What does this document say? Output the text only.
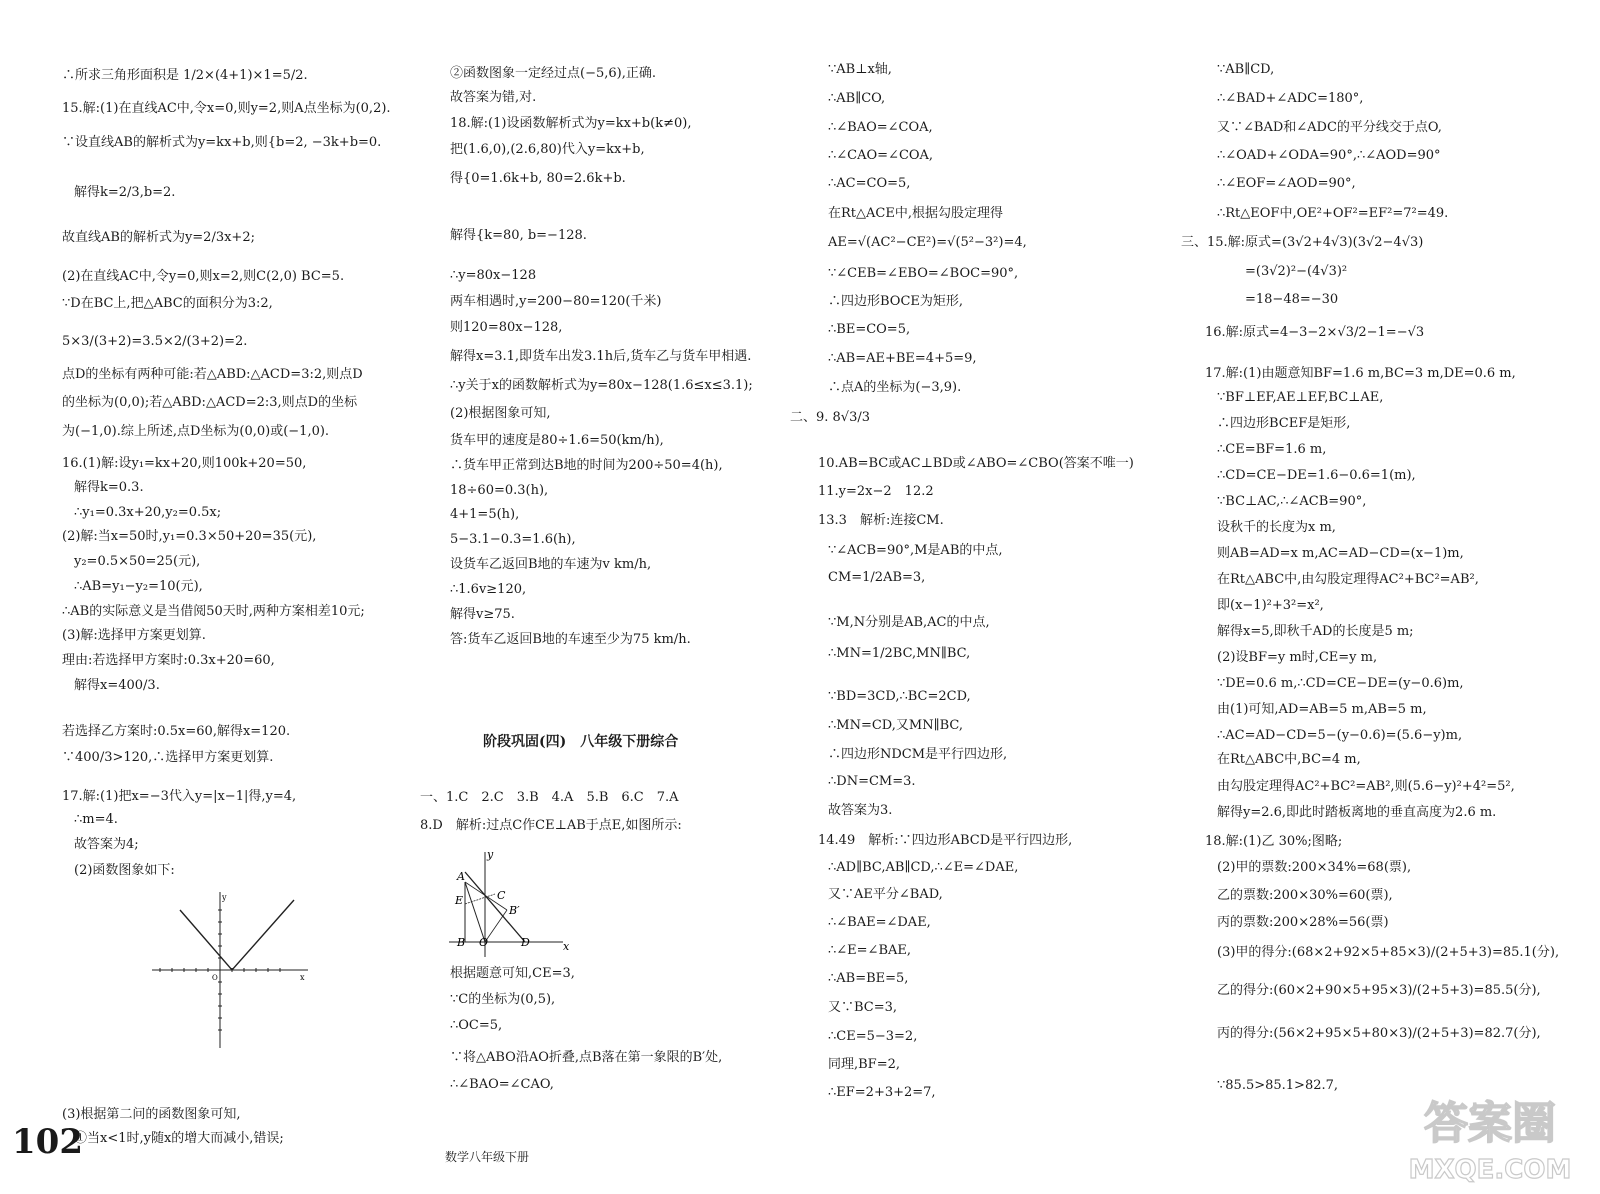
∴所求三角形面积是 1/2×(4+1)×1=5/2.
15.解:(1)在直线AC中,令x=0,则y=2,则A点坐标为(0,2).
∵设直线AB的解析式为y=kx+b,则{b=2, −3k+b=0.
解得k=2/3,b=2.
故直线AB的解析式为y=2/3x+2;
(2)在直线AC中,令y=0,则x=2,则C(2,0) BC=5.
∵D在BC上,把△ABC的面积分为3:2,
5×3/(3+2)=3.5×2/(3+2)=2.
点D的坐标有两种可能:若△ABD:△ACD=3:2,则点D
的坐标为(0,0);若△ABD:△ACD=2:3,则点D的坐标
为(−1,0).综上所述,点D坐标为(0,0)或(−1,0).
16.(1)解:设y₁=kx+20,则100k+20=50,
解得k=0.3.
∴y₁=0.3x+20,y₂=0.5x;
(2)解:当x=50时,y₁=0.3×50+20=35(元),
y₂=0.5×50=25(元),
∴AB=y₁−y₂=10(元),
∴AB的实际意义是当借阅50天时,两种方案相差10元;
(3)解:选择甲方案更划算.
理由:若选择甲方案时:0.3x+20=60,
解得x=400/3.
若选择乙方案时:0.5x=60,解得x=120.
∵400/3>120,∴选择甲方案更划算.
17.解:(1)把x=−3代入y=|x−1|得,y=4,
∴m=4.
故答案为4;
(2)函数图象如下:
(3)根据第二问的函数图象可知,
①当x<1时,y随x的增大而减小,错误;
②函数图象一定经过点(−5,6),正确.
故答案为错,对.
18.解:(1)设函数解析式为y=kx+b(k≠0),
把(1.6,0),(2.6,80)代入y=kx+b,
得{0=1.6k+b, 80=2.6k+b.
解得{k=80, b=−128.
∴y=80x−128
两车相遇时,y=200−80=120(千米)
则120=80x−128,
解得x=3.1,即货车出发3.1h后,货车乙与货车甲相遇.
∴y关于x的函数解析式为y=80x−128(1.6≤x≤3.1);
(2)根据图象可知,
货车甲的速度是80÷1.6=50(km/h),
∴货车甲正常到达B地的时间为200÷50=4(h),
18÷60=0.3(h),
4+1=5(h),
5−3.1−0.3=1.6(h),
设货车乙返回B地的车速为v km/h,
∴1.6v≥120,
解得v≥75.
答:货车乙返回B地的车速至少为75 km/h.
一、1.C　2.C　3.B　4.A　5.B　6.C　7.A
8.D　解析:过点C作CE⊥AB于点E,如图所示:
根据题意可知,CE=3,
∵C的坐标为(0,5),
∴OC=5,
∵将△ABO沿AO折叠,点B落在第一象限的B′处,
∴∠BAO=∠CAO,
∵AB⊥x轴,
∴AB∥CO,
∴∠BAO=∠COA,
∴∠CAO=∠COA,
∴AC=CO=5,
在Rt△ACE中,根据勾股定理得
AE=√(AC²−CE²)=√(5²−3²)=4,
∵∠CEB=∠EBO=∠BOC=90°,
∴四边形BOCE为矩形,
∴BE=CO=5,
∴AB=AE+BE=4+5=9,
∴点A的坐标为(−3,9).
二、9. 8√3/3
10.AB=BC或AC⊥BD或∠ABO=∠CBO(答案不唯一)
11.y=2x−2　12.2
13.3　解析:连接CM.
∵∠ACB=90°,M是AB的中点,
CM=1/2AB=3,
∵M,N分别是AB,AC的中点,
∴MN=1/2BC,MN∥BC,
∵BD=3CD,∴BC=2CD,
∴MN=CD,又MN∥BC,
∴四边形NDCM是平行四边形,
∴DN=CM=3.
故答案为3.
14.49　解析:∵四边形ABCD是平行四边形,
∴AD∥BC,AB∥CD,∴∠E=∠DAE,
又∵AE平分∠BAD,
∴∠BAE=∠DAE,
∴∠E=∠BAE,
∴AB=BE=5,
又∵BC=3,
∴CE=5−3=2,
同理,BF=2,
∴EF=2+3+2=7,
∵AB∥CD,
∴∠BAD+∠ADC=180°,
又∵∠BAD和∠ADC的平分线交于点O,
∴∠OAD+∠ODA=90°,∴∠AOD=90°
∴∠EOF=∠AOD=90°,
∴Rt△EOF中,OE²+OF²=EF²=7²=49.
三、15.解:原式=(3√2+4√3)(3√2−4√3)
=(3√2)²−(4√3)²
=18−48=−30
16.解:原式=4−3−2×√3/2−1=−√3
17.解:(1)由题意知BF=1.6 m,BC=3 m,DE=0.6 m,
∵BF⊥EF,AE⊥EF,BC⊥AE,
∴四边形BCEF是矩形,
∴CE=BF=1.6 m,
∴CD=CE−DE=1.6−0.6=1(m),
∵BC⊥AC,∴∠ACB=90°,
设秋千的长度为x m,
则AB=AD=x m,AC=AD−CD=(x−1)m,
在Rt△ABC中,由勾股定理得AC²+BC²=AB²,
即(x−1)²+3²=x²,
解得x=5,即秋千AD的长度是5 m;
(2)设BF=y m时,CE=y m,
∵DE=0.6 m,∴CD=CE−DE=(y−0.6)m,
由(1)可知,AD=AB=5 m,AB=5 m,
∴AC=AD−CD=5−(y−0.6)=(5.6−y)m,
在Rt△ABC中,BC=4 m,
由勾股定理得AC²+BC²=AB²,则(5.6−y)²+4²=5²,
解得y=2.6,即此时踏板离地的垂直高度为2.6 m.
18.解:(1)乙 30%;图略;
(2)甲的票数:200×34%=68(票),
乙的票数:200×30%=60(票),
丙的票数:200×28%=56(票)
(3)甲的得分:(68×2+92×5+85×3)/(2+5+3)=85.1(分),
乙的得分:(60×2+90×5+95×3)/(2+5+3)=85.5(分),
丙的得分:(56×2+95×5+80×3)/(2+5+3)=82.7(分),
∵85.5>85.1>82.7,
阶段巩固(四)　八年级下册综合
y
x
O
y
x
A
E	C
B′
B O	D
102	数学八年级下册
答案圈
MXQE.COM
